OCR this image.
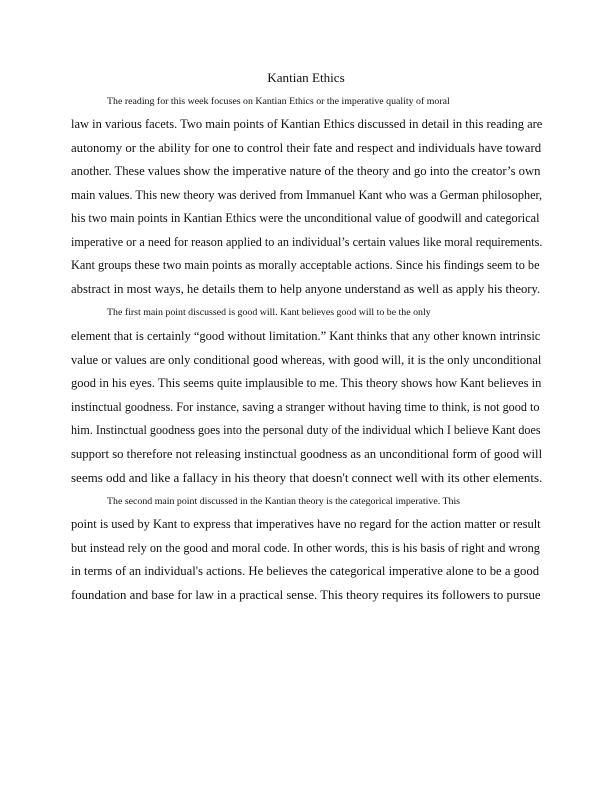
Kantian Ethics

The reading for this week focuses on Kantian Ethics or the imperative quality of moral
law in various facets. Two main points of Kantian Ethics discussed in detail in this reading are
autonomy or the ability for one to control their fate and respect and individuals have toward
another. These values show the imperative nature of the theory and go into the creator’s own
main values. This new theory was derived from Immanuel Kant who was a German philosopher,
his two main points in Kantian Ethics were the unconditional value of goodwill and categorical
imperative or a need for reason applied to an individual’s certain values like moral requirements.
Kant groups these two main points as morally acceptable actions. Since his findings seem to be
abstract in most ways, he details them to help anyone understand as well as apply his theory.

The first main point discussed is good will. Kant believes good will to be the only
element that is certainly “good without limitation.” Kant thinks that any other known intrinsic
value or values are only conditional good whereas, with good will, it is the only unconditional
good in his eyes. This seems quite implausible to me. This theory shows how Kant believes in
instinctual goodness. For instance, saving a stranger without having time to think, is not good to
him. Instinctual goodness goes into the personal duty of the individual which I believe Kant does
support so therefore not releasing instinctual goodness as an unconditional form of good will
seems odd and like a fallacy in his theory that doesn't connect well with its other elements.

The second main point discussed in the Kantian theory is the categorical imperative. This
point is used by Kant to express that imperatives have no regard for the action matter or result
but instead rely on the good and moral code. In other words, this is his basis of right and wrong
in terms of an individual's actions. He believes the categorical imperative alone to be a good
foundation and base for law in a practical sense. This theory requires its followers to pursue
